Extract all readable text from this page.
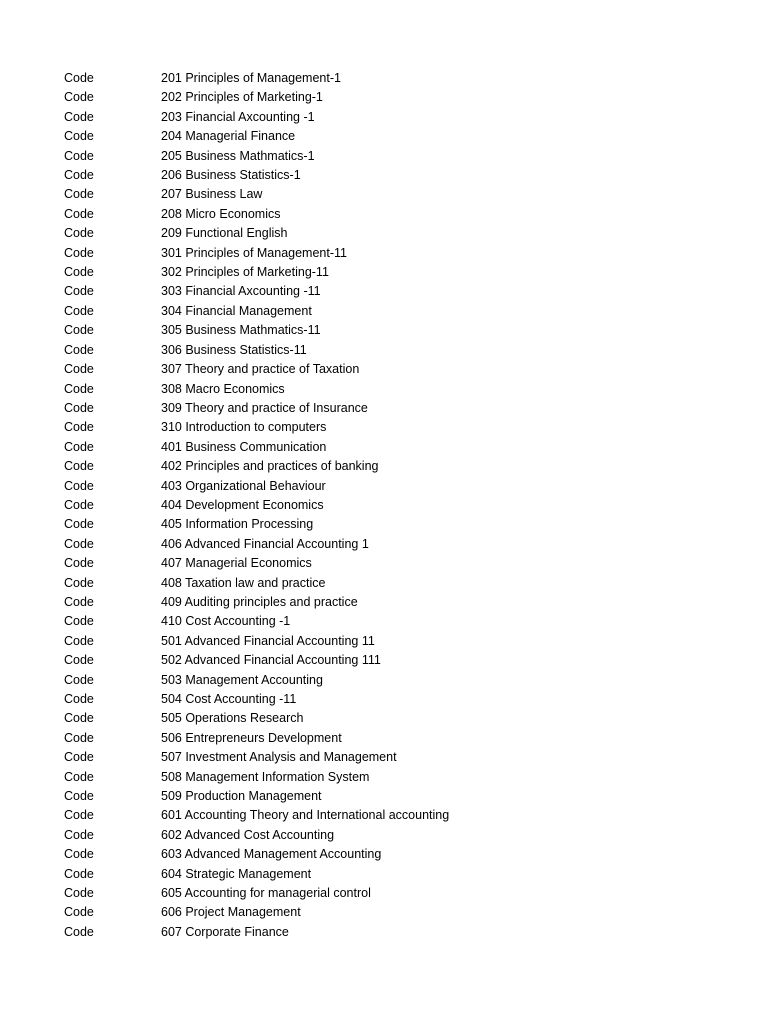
Code	201 Principles of Management-1
Code	202 Principles of Marketing-1
Code	203 Financial Axcounting -1
Code	204 Managerial Finance
Code	205 Business Mathmatics-1
Code	206 Business Statistics-1
Code	207 Business Law
Code	208 Micro Economics
Code	209 Functional English
Code	301 Principles of Management-11
Code	302 Principles of Marketing-11
Code	303 Financial Axcounting -11
Code	304 Financial Management
Code	305 Business Mathmatics-11
Code	306 Business Statistics-11
Code	307 Theory and practice of Taxation
Code	308 Macro Economics
Code	309 Theory and practice of Insurance
Code	310 Introduction to computers
Code	401 Business Communication
Code	402 Principles and practices of banking
Code	403 Organizational Behaviour
Code	404 Development Economics
Code	405 Information Processing
Code	406 Advanced Financial Accounting 1
Code	407 Managerial Economics
Code	408 Taxation law and practice
Code	409 Auditing principles and practice
Code	410 Cost Accounting -1
Code	501 Advanced Financial Accounting 11
Code	502 Advanced Financial Accounting 111
Code	503 Management Accounting
Code	504 Cost Accounting -11
Code	505 Operations Research
Code	506 Entrepreneurs Development
Code	507 Investment Analysis and Management
Code	508 Management Information System
Code	509 Production Management
Code	601 Accounting Theory and International accounting
Code	602 Advanced Cost Accounting
Code	603 Advanced Management Accounting
Code	604 Strategic Management
Code	605 Accounting for managerial control
Code	606 Project Management
Code	607 Corporate Finance
